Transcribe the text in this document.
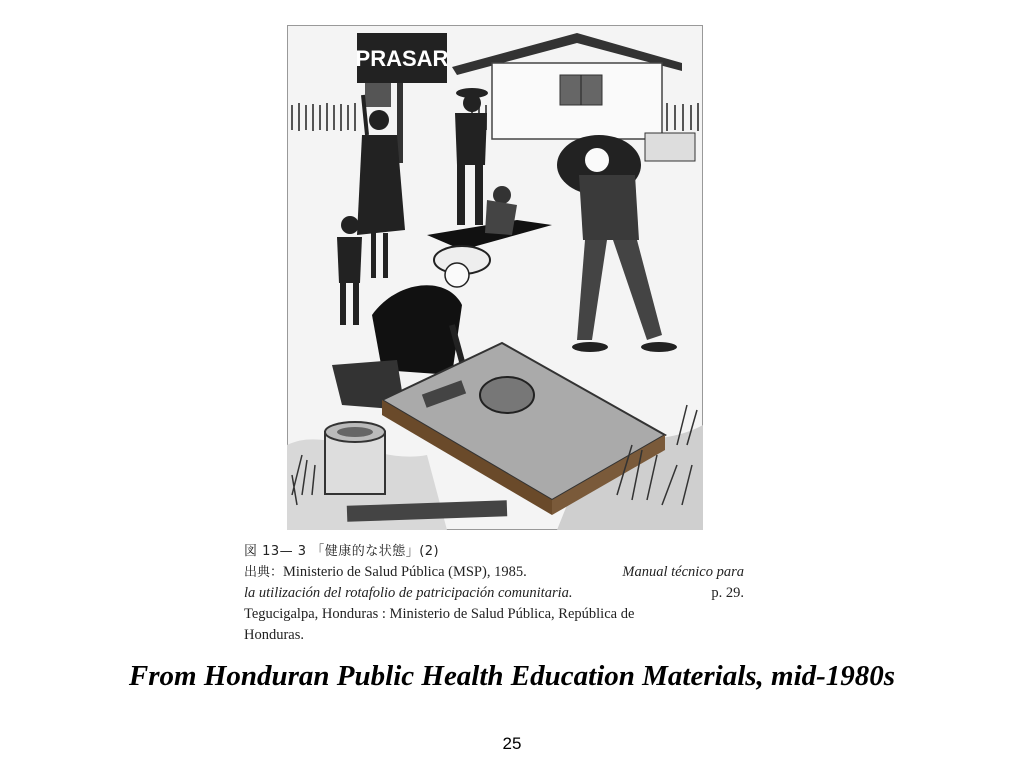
PRASAR
図 13— 3 「健康的な状態」(2)
出典：Ministerio de Salud Pública (MSP), 1985.	Manual técnico para
la utilización del rotafolio de patricipación comunitaria.	p. 29.
Tegucigalpa, Honduras : Ministerio de Salud Pública, República de
Honduras.
From Honduran Public Health Education Materials, mid-1980s
25
